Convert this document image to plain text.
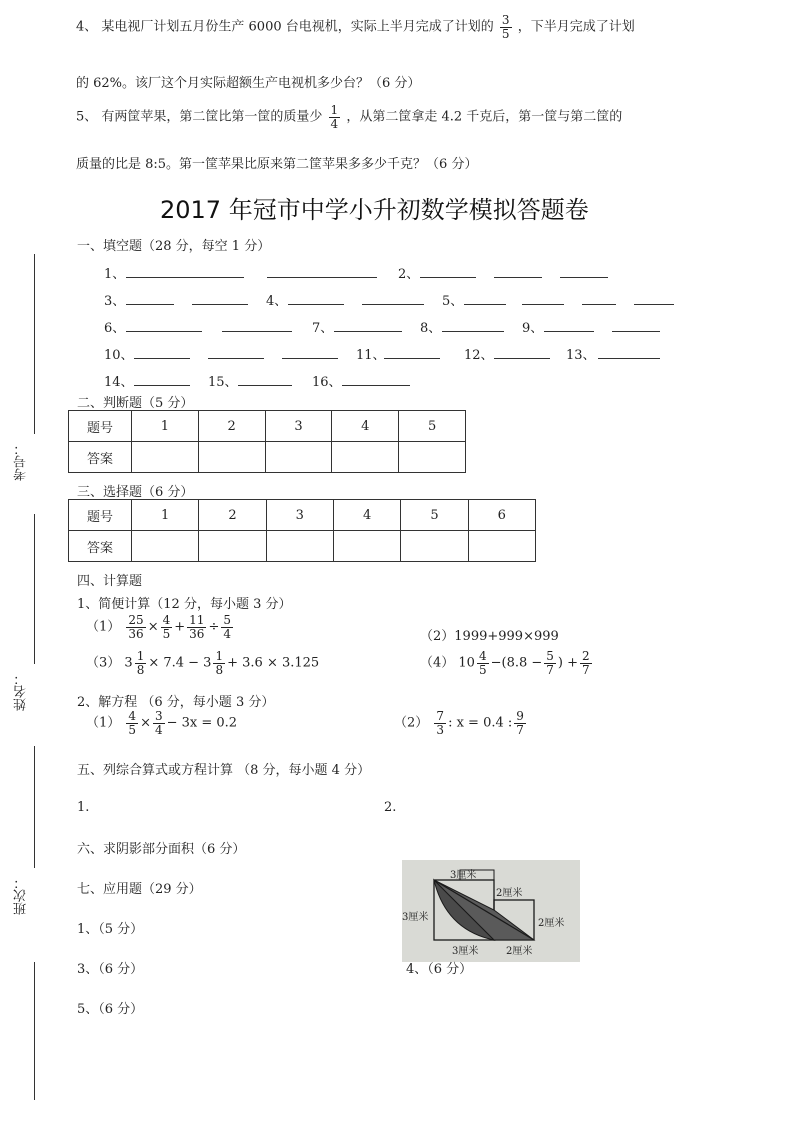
4、 某电视厂计划五月份生产 6000 台电视机，实际上半月完成了计划的 $\frac{3}{5}$ ，下半月完成了计划
的 62%。该厂这个月实际超额生产电视机多少台？（6 分）
5、 有两筐苹果，第二筐比第一筐的质量少 $\frac{1}{4}$ ，从第二筐拿走 4.2 千克后，第一筐与第二筐的
质量的比是 8:5。第一筐苹果比原来第二筐苹果多多少千克？（6 分）
2017 年冠市中学小升初数学模拟答题卷
一、填空题（28 分，每空 1 分）
1、	2、
3、	4、	5、
6、	7、	8、	9、
10、	11、	12、	13、
14、	15、	16、
二、判断题（5 分）
题号	1	2	3	4	5
答案					
三、选择题（6 分）
题号	1	2	3	4	5	6
答案						
四、计算题
1、简便计算（12 分，每小题 3 分）
$(1) \frac{25}{36} \times \frac{4}{5} + \frac{11}{36} \div \frac{5}{4}$	（2）1999+999×999
（3） $3 \frac{1}{8} \times 7.4 - 3 \frac{1}{8} + 3.6 \times 3.125$	（4） $10 \frac{4}{5} -(8.8 - \frac{5}{7}$ ) + $\frac{2}{7}$
2、解方程 （6 分，每小题 3 分）
$(1) \frac{4}{5} \times \frac{3}{4} - 3x = 0.2$	$(2) \frac{7}{3}$ : x = 0.4 : $\frac{9}{7}$
五、列综合算式或方程计算 （8 分，每小题 4 分）
1.	2.
六、求阴影部分面积（6 分）
3厘米
2厘米
3厘米
2厘米
3厘米	2厘米
七、应用题（29 分）
1、（5 分）
3、（6 分）	4、（6 分）
5、（6 分）
考号：
姓名：
班次：
